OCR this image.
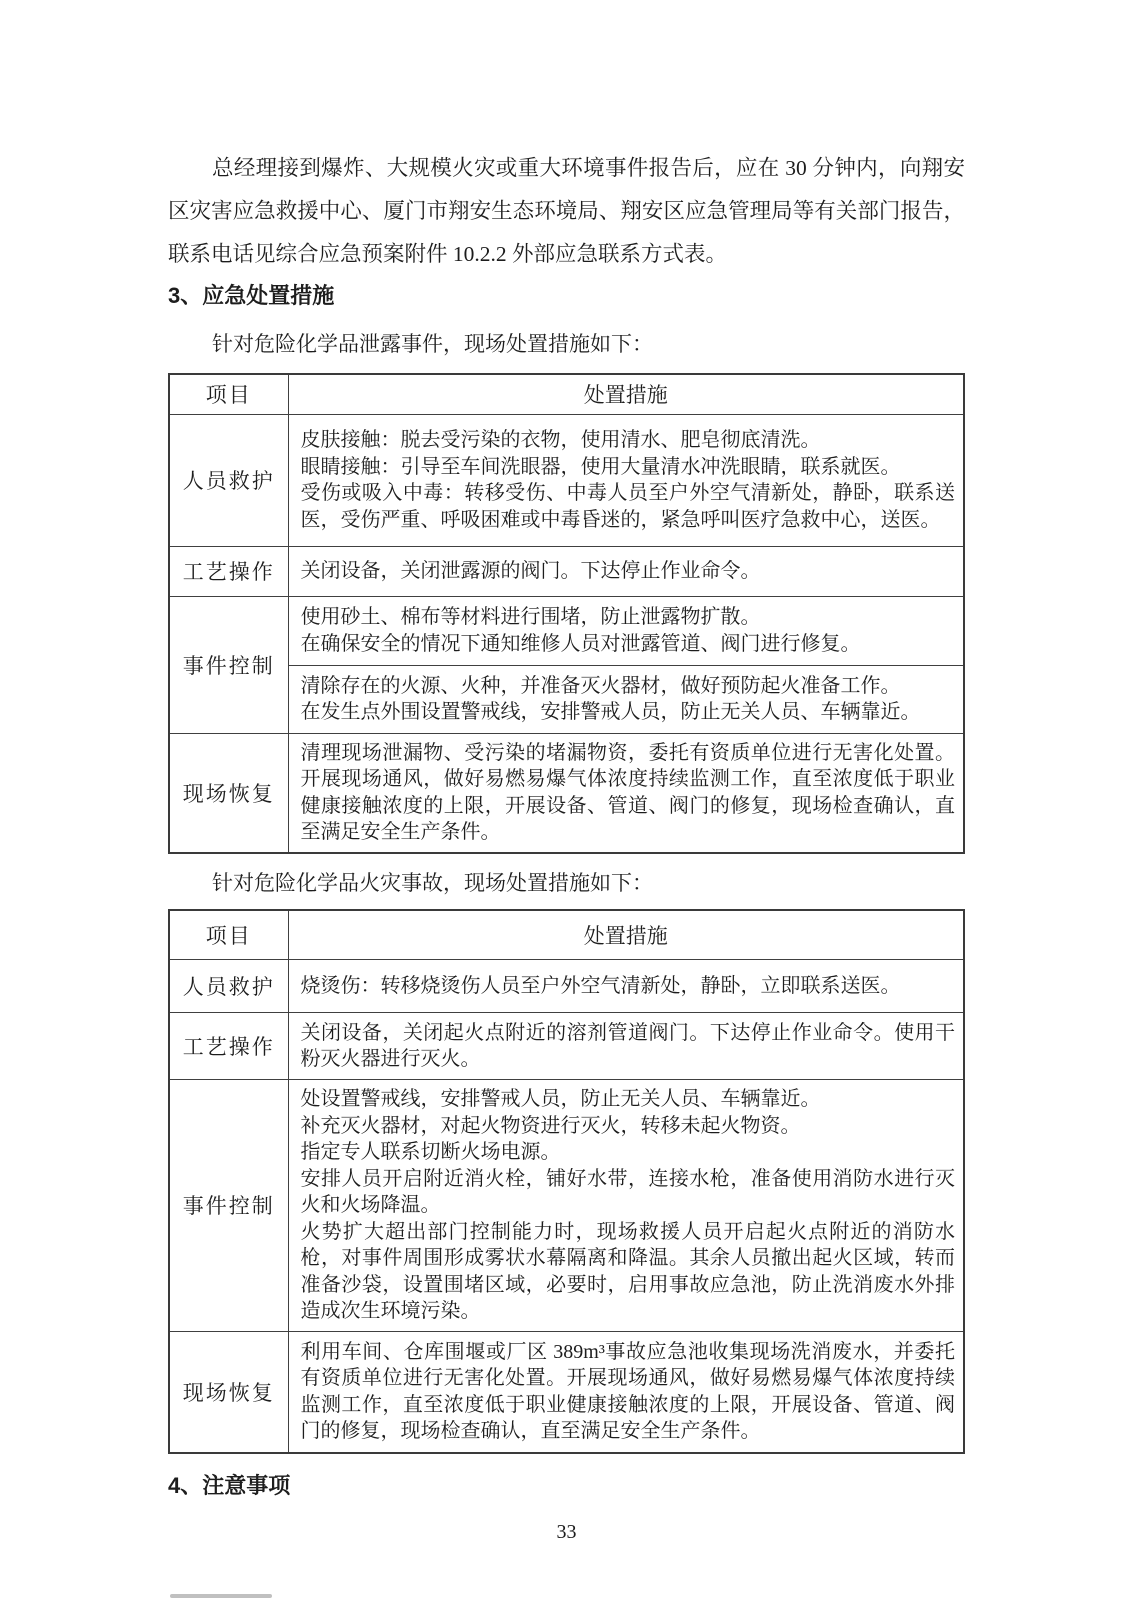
总经理接到爆炸、大规模火灾或重大环境事件报告后，应在 30 分钟内，向翔安区灾害应急救援中心、厦门市翔安生态环境局、翔安区应急管理局等有关部门报告，联系电话见综合应急预案附件 10.2.2 外部应急联系方式表。

3、应急处置措施

针对危险化学品泄露事件，现场处置措施如下：

项目	处置措施
人员救护	皮肤接触：脱去受污染的衣物，使用清水、肥皂彻底清洗。
眼睛接触：引导至车间洗眼器，使用大量清水冲洗眼睛，联系就医。
受伤或吸入中毒：转移受伤、中毒人员至户外空气清新处，静卧，联系送医，受伤严重、呼吸困难或中毒昏迷的，紧急呼叫医疗急救中心，送医。

工艺操作	关闭设备，关闭泄露源的阀门。下达停止作业命令。

事件控制	使用砂土、棉布等材料进行围堵，防止泄露物扩散。
在确保安全的情况下通知维修人员对泄露管道、阀门进行修复。

	清除存在的火源、火种，并准备灭火器材，做好预防起火准备工作。
在发生点外围设置警戒线，安排警戒人员，防止无关人员、车辆靠近。

现场恢复	清理现场泄漏物、受污染的堵漏物资，委托有资质单位进行无害化处置。开展现场通风，做好易燃易爆气体浓度持续监测工作，直至浓度低于职业健康接触浓度的上限，开展设备、管道、阀门的修复，现场检查确认，直至满足安全生产条件。

针对危险化学品火灾事故，现场处置措施如下：

项目	处置措施
人员救护	烧烫伤：转移烧烫伤人员至户外空气清新处，静卧，立即联系送医。

工艺操作	关闭设备，关闭起火点附近的溶剂管道阀门。下达停止作业命令。使用干粉灭火器进行灭火。

事件控制	处设置警戒线，安排警戒人员，防止无关人员、车辆靠近。
补充灭火器材，对起火物资进行灭火，转移未起火物资。
指定专人联系切断火场电源。
安排人员开启附近消火栓，铺好水带，连接水枪，准备使用消防水进行灭火和火场降温。
火势扩大超出部门控制能力时，现场救援人员开启起火点附近的消防水枪，对事件周围形成雾状水幕隔离和降温。其余人员撤出起火区域，转而准备沙袋，设置围堵区域，必要时，启用事故应急池，防止洗消废水外排造成次生环境污染。

现场恢复	利用车间、仓库围堰或厂区 389m³事故应急池收集现场洗消废水，并委托有资质单位进行无害化处置。开展现场通风，做好易燃易爆气体浓度持续监测工作，直至浓度低于职业健康接触浓度的上限，开展设备、管道、阀门的修复，现场检查确认，直至满足安全生产条件。
4、注意事项
33
